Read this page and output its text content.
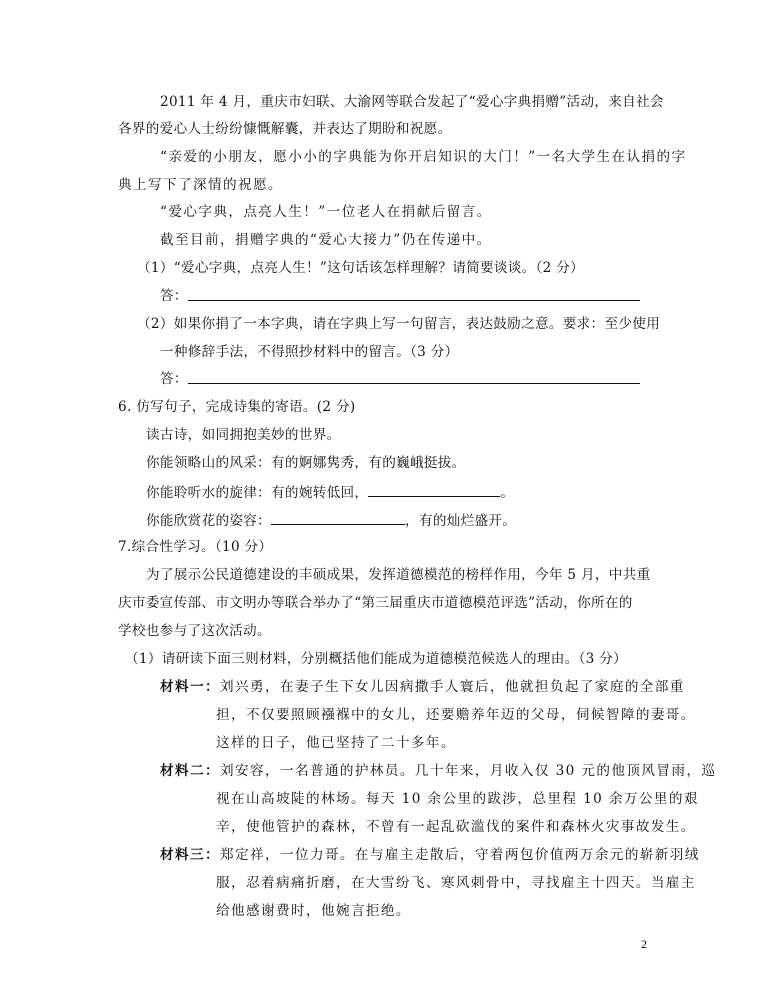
2011 年 4 月，重庆市妇联、大渝网等联合发起了“爱心字典捐赠”活动，来自社会
各界的爱心人士纷纷慷慨解囊，并表达了期盼和祝愿。
“亲爱的小朋友，愿小小的字典能为你开启知识的大门！”一名大学生在认捐的字
典上写下了深情的祝愿。
“爱心字典，点亮人生！”一位老人在捐献后留言。
截至目前，捐赠字典的“爱心大接力”仍在传递中。
（1）“爱心字典，点亮人生！”这句话该怎样理解？请简要谈谈。（2 分）
答：
（2）如果你捐了一本字典，请在字典上写一句留言，表达鼓励之意。要求：至少使用
一种修辞手法，不得照抄材料中的留言。（3 分）
答：
6. 仿写句子，完成诗集的寄语。(2 分)
读古诗，如同拥抱美妙的世界。
你能领略山的风采：有的婀娜隽秀，有的巍峨挺拔。
你能聆听水的旋律：有的婉转低回，	。
你能欣赏花的姿容：	，有的灿烂盛开。
7.综合性学习。（10 分）
为了展示公民道德建设的丰硕成果，发挥道德模范的榜样作用，今年 5 月，中共重
庆市委宣传部、市文明办等联合举办了“第三届重庆市道德模范评选”活动，你所在的
学校也参与了这次活动。
（1）请研读下面三则材料，分别概括他们能成为道德模范候选人的理由。（3 分）
材料一：刘兴勇，在妻子生下女儿因病撒手人寰后，他就担负起了家庭的全部重
担，不仅要照顾襁褓中的女儿，还要赡养年迈的父母，伺候智障的妻哥。
这样的日子，他已坚持了二十多年。
材料二：刘安容，一名普通的护林员。几十年来，月收入仅 30 元的他顶风冒雨，巡
视在山高坡陡的林场。每天 10 余公里的跋涉，总里程 10 余万公里的艰
辛，使他管护的森林，不曾有一起乱砍滥伐的案件和森林火灾事故发生。
材料三：郑定祥，一位力哥。在与雇主走散后，守着两包价值两万余元的崭新羽绒
服，忍着病痛折磨，在大雪纷飞、寒风刺骨中，寻找雇主十四天。当雇主
给他感谢费时，他婉言拒绝。
2
